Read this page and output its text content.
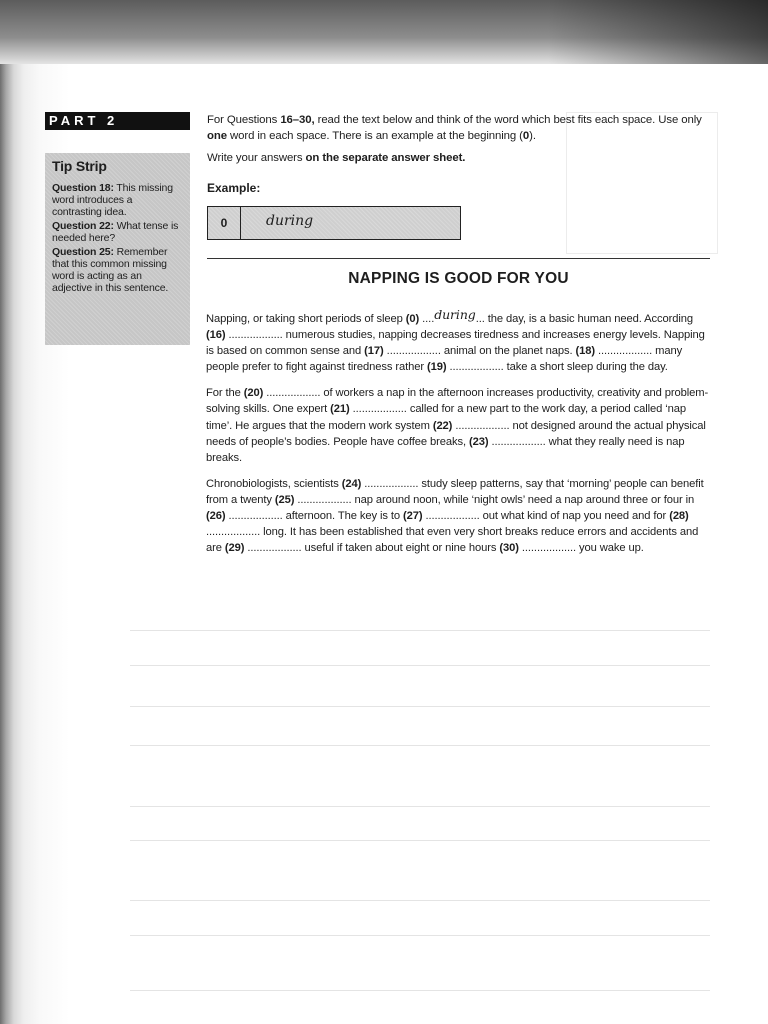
PART 2
Tip Strip
Question 18: This missing word introduces a contrasting idea.
Question 22: What tense is needed here?
Question 25: Remember that this common missing word is acting as an adjective in this sentence.

For Questions 16–30, read the text below and think of the word which best fits each space. Use only one word in each space. There is an example at the beginning (0).

Write your answers on the separate answer sheet.

Example:
0	during
NAPPING IS GOOD FOR YOU

Napping, or taking short periods of sleep (0) ....during... the day, is a basic human need. According (16) .................. numerous studies, napping decreases tiredness and increases energy levels. Napping is based on common sense and (17) .................. animal on the planet naps. (18) .................. many people prefer to fight against tiredness rather (19) .................. take a short sleep during the day.

For the (20) .................. of workers a nap in the afternoon increases productivity, creativity and problem-solving skills. One expert (21) .................. called for a new part to the work day, a period called ‘nap time’. He argues that the modern work system (22) .................. not designed around the actual physical needs of people’s bodies. People have coffee breaks, (23) .................. what they really need is nap breaks.

Chronobiologists, scientists (24) .................. study sleep patterns, say that ‘morning’ people can benefit from a twenty (25) .................. nap around noon, while ‘night owls’ need a nap around three or four in (26) .................. afternoon. The key is to (27) .................. out what kind of nap you need and for (28) .................. long. It has been established that even very short breaks reduce errors and accidents and are (29) .................. useful if taken about eight or nine hours (30) .................. you wake up.
